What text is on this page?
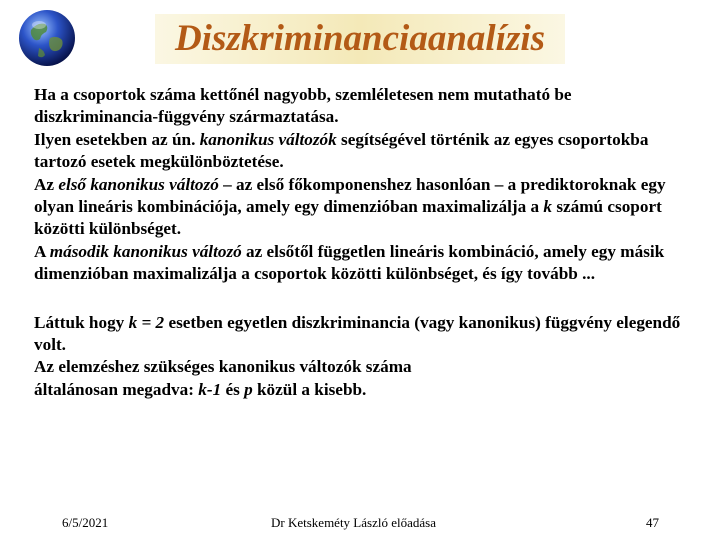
Diszkriminanciaanalízis

Ha a csoportok száma kettőnél nagyobb, szemléletesen nem mutatható be diszkriminancia-függvény származtatása.

Ilyen esetekben az ún. kanonikus változók segítségével történik az egyes csoportokba tartozó esetek megkülönböztetése.

Az első kanonikus változó – az első főkomponenshez hasonlóan – a prediktoroknak egy olyan lineáris kombinációja, amely egy dimenzióban maximalizálja a k számú csoport közötti különbséget.

A második kanonikus változó az elsőtől független lineáris kombináció, amely egy másik dimenzióban maximalizálja a csoportok közötti különbséget, és így tovább ...

Láttuk hogy k = 2 esetben egyetlen diszkriminancia (vagy kanonikus) függvény elegendő volt.

Az elemzéshez szükséges kanonikus változók száma

általánosan megadva: k-1 és p közül a kisebb.

6/5/2021	Dr Ketskeméty László előadása	47
